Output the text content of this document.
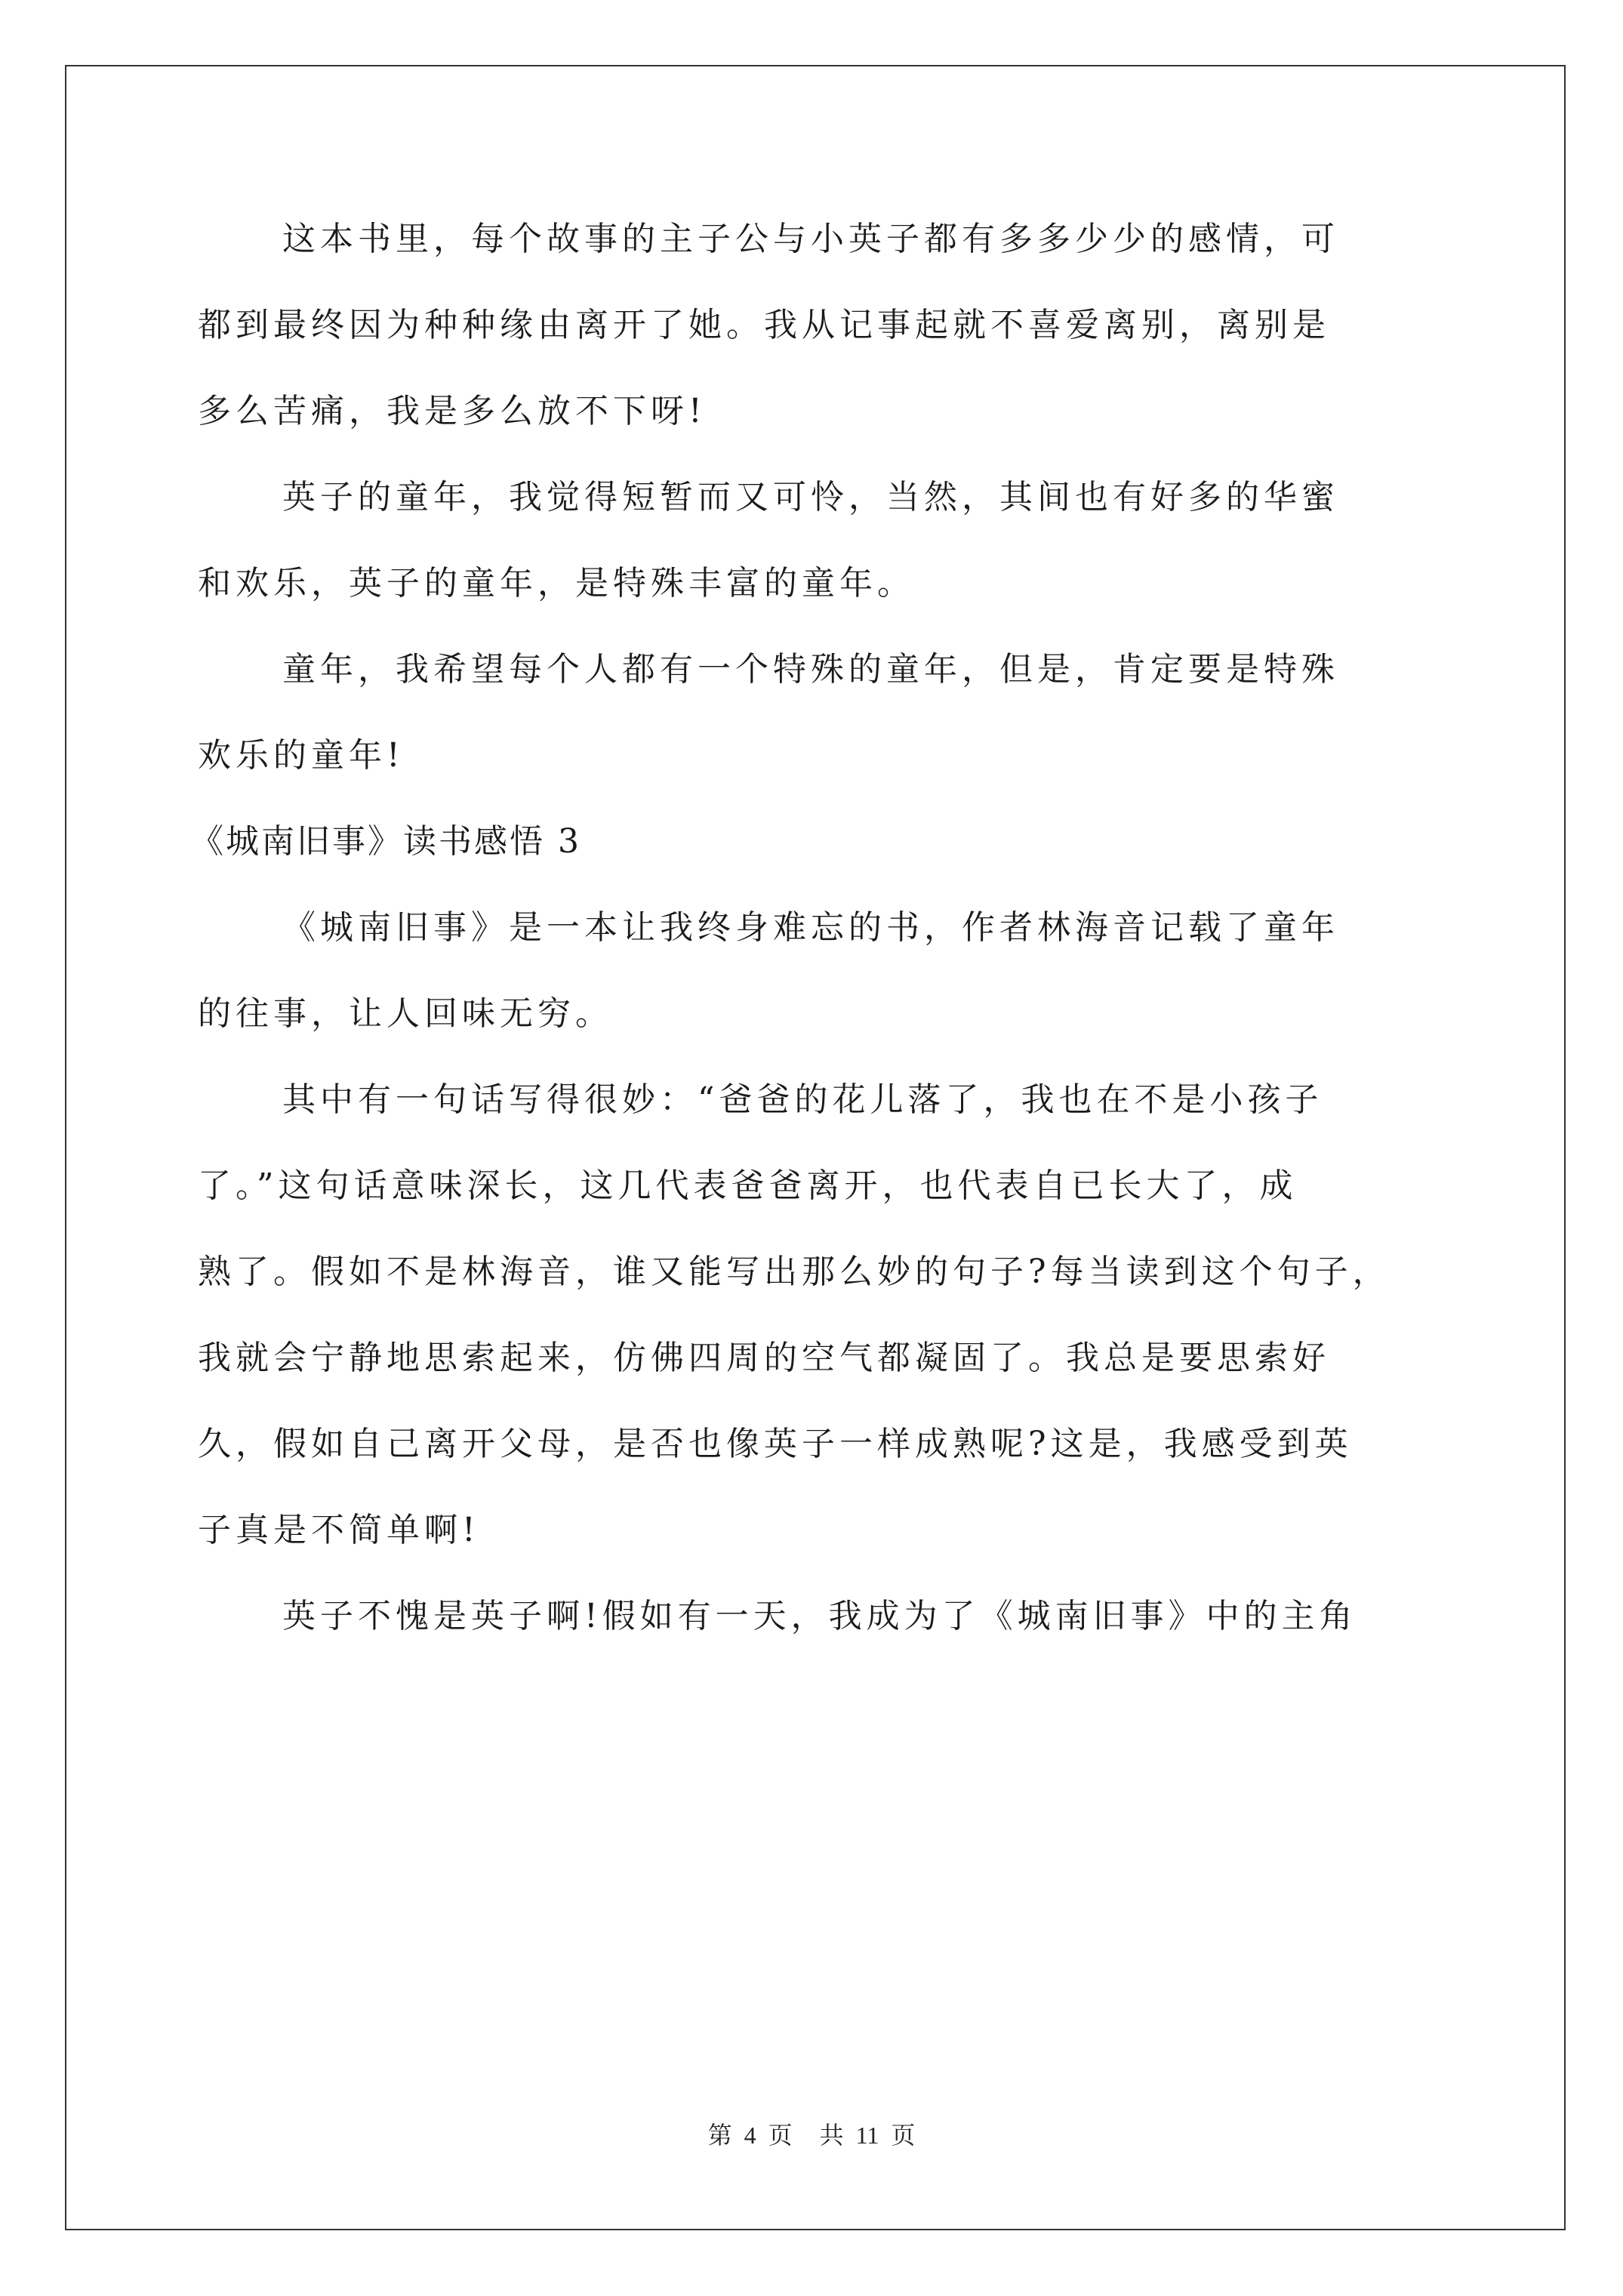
这本书里，每个故事的主子公与小英子都有多多少少的感情，可
都到最终因为种种缘由离开了她。我从记事起就不喜爱离别，离别是
多么苦痛，我是多么放不下呀!
英子的童年，我觉得短暂而又可怜，当然，其间也有好多的华蜜
和欢乐，英子的童年，是特殊丰富的童年。
童年，我希望每个人都有一个特殊的童年，但是，肯定要是特殊
欢乐的童年!
《城南旧事》读书感悟 3
《城南旧事》是一本让我终身难忘的书，作者林海音记载了童年
的往事，让人回味无穷。
其中有一句话写得很妙：“爸爸的花儿落了，我也在不是小孩子
了。”这句话意味深长，这几代表爸爸离开，也代表自已长大了，成
熟了。假如不是林海音，谁又能写出那么妙的句子?每当读到这个句子，
我就会宁静地思索起来，仿佛四周的空气都凝固了。我总是要思索好
久，假如自己离开父母，是否也像英子一样成熟呢?这是，我感受到英
子真是不简单啊!
英子不愧是英子啊!假如有一天，我成为了《城南旧事》中的主角
第 4 页 共 11 页
